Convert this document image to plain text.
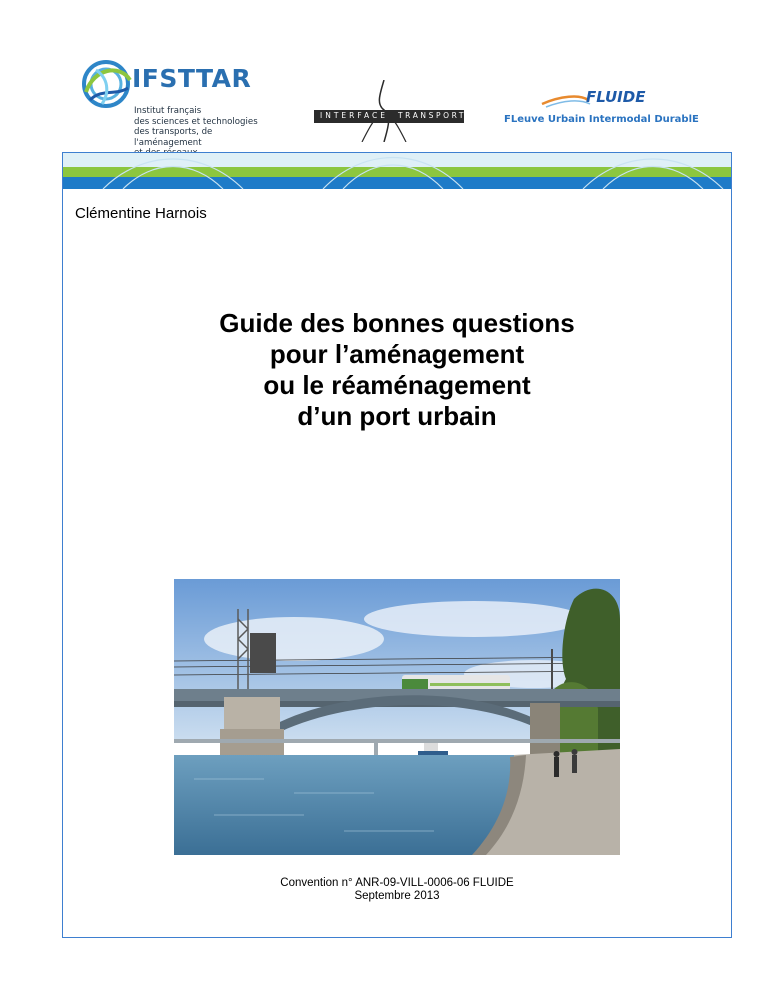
IFSTTAR
Institut français
des sciences et technologies
des transports, de l'aménagement
INTERFACE TRANSPORT
FLUIDE
FLeuve Urbain Intermodal DurablE
Clémentine Harnois
Guide des bonnes questions
pour l’aménagement
ou le réaménagement
d’un port urbain
Convention n° ANR-09-VILL-0006-06 FLUIDE
Septembre 2013
